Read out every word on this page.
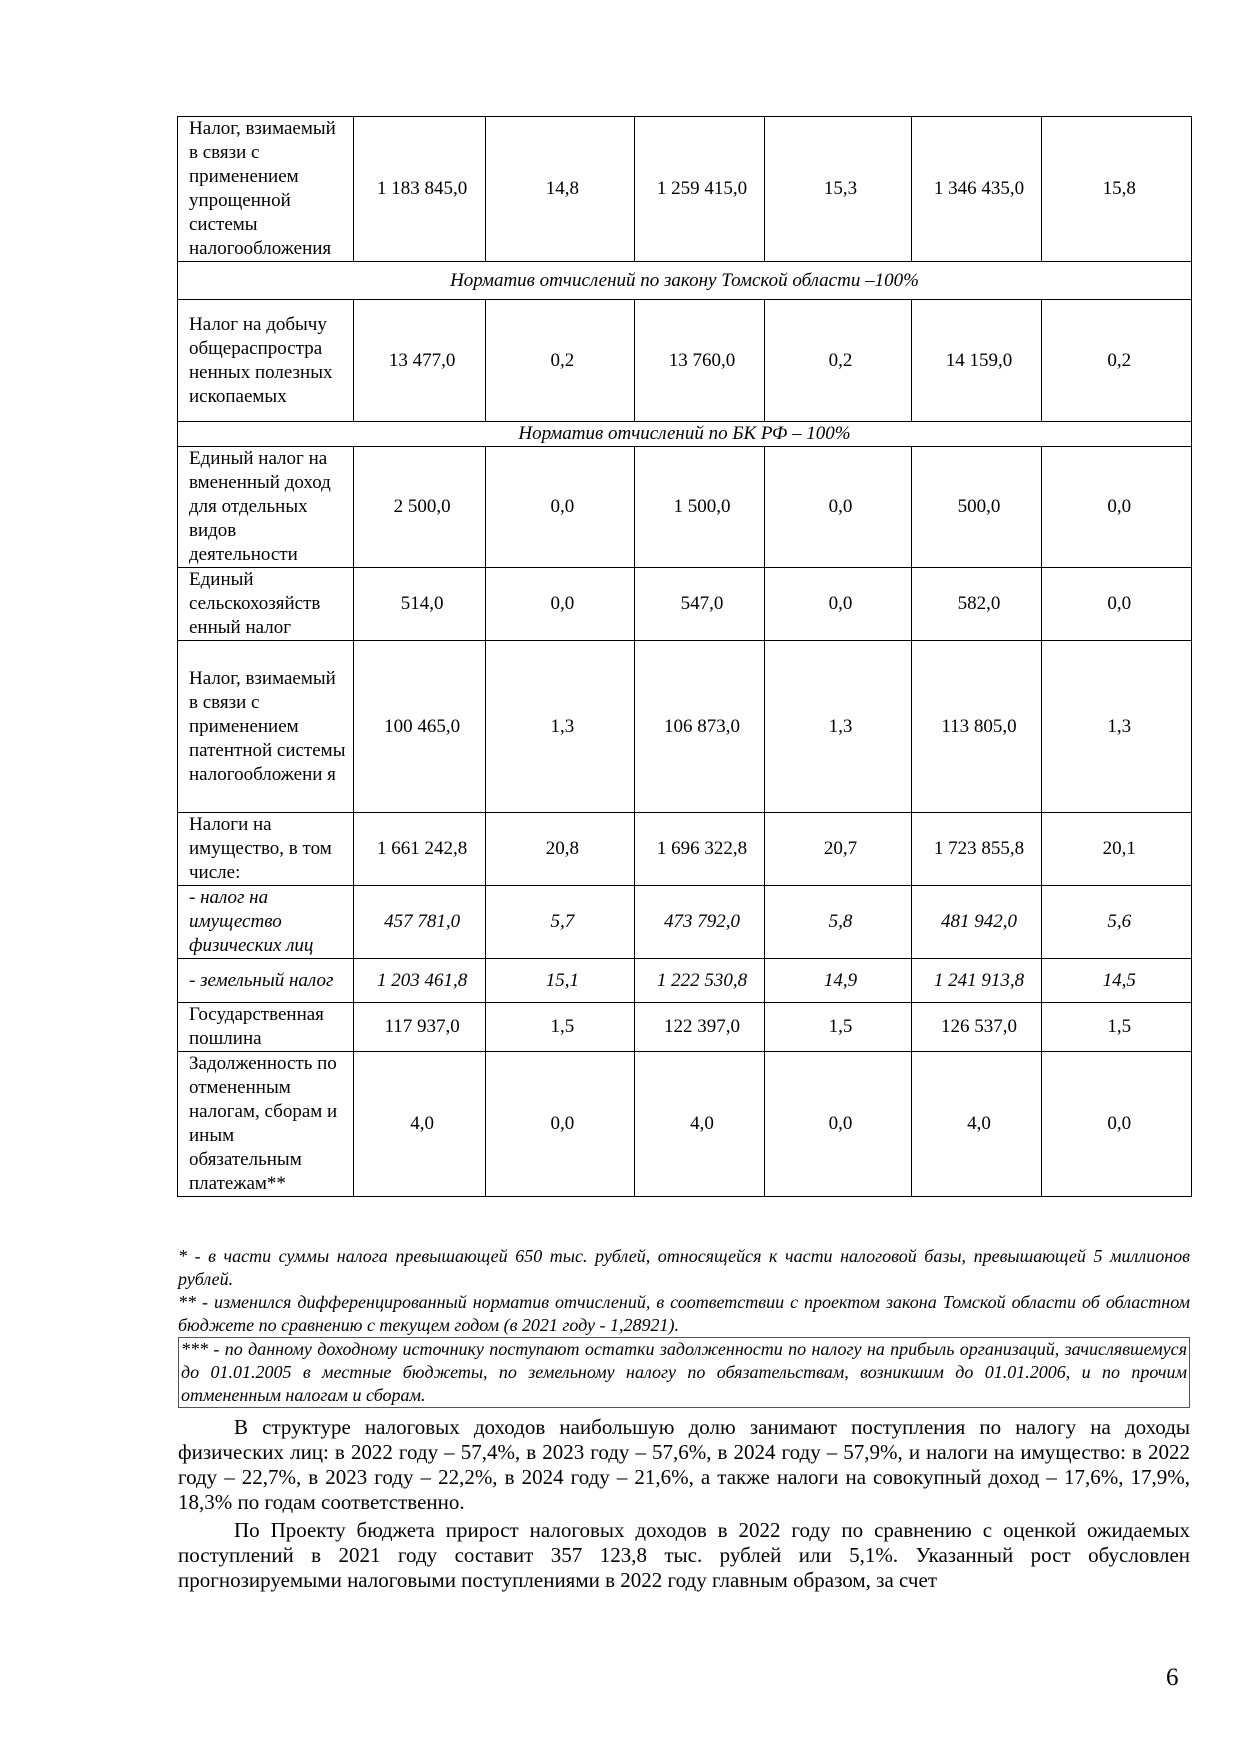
Налог, взимаемый в связи с применением упрощенной системы налогообложения	1 183 845,0	14,8	1 259 415,0	15,3	1 346 435,0	15,8
Норматив отчислений по закону Томской области –100%						
Налог на добычу общераспростра ненных полезных ископаемых	13 477,0	0,2	13 760,0	0,2	14 159,0	0,2
Норматив отчислений по БК РФ – 100%						
Единый налог на вмененный доход для отдельных видов деятельности	2 500,0	0,0	1 500,0	0,0	500,0	0,0
Единый сельскохозяйств енный налог	514,0	0,0	547,0	0,0	582,0	0,0
Налог, взимаемый в связи с применением патентной системы налогообложени я	100 465,0	1,3	106 873,0	1,3	113 805,0	1,3
Налоги на имущество, в том числе:	1 661 242,8	20,8	1 696 322,8	20,7	1 723 855,8	20,1
- налог на имущество физических лиц	457 781,0	5,7	473 792,0	5,8	481 942,0	5,6
- земельный налог	1 203 461,8	15,1	1 222 530,8	14,9	1 241 913,8	14,5
Государственная пошлина	117 937,0	1,5	122 397,0	1,5	126 537,0	1,5
Задолженность по отмененным налогам, сборам и иным обязательным платежам**	4,0	0,0	4,0	0,0	4,0	0,0

* - в части суммы налога превышающей 650 тыс. рублей, относящейся к части налоговой базы, превышающей 5 миллионов рублей.

** - изменился дифференцированный норматив отчислений, в соответствии с проектом закона Томской области об областном бюджете по сравнению с текущем годом (в 2021 году - 1,28921).

*** - по данному доходному источнику поступают остатки задолженности по налогу на прибыль организаций, зачислявшемуся до 01.01.2005 в местные бюджеты, по земельному налогу по обязательствам, возникшим до 01.01.2006, и по прочим отмененным налогам и сборам.

В структуре налоговых доходов наибольшую долю занимают поступления по налогу на доходы физических лиц: в 2022 году – 57,4%, в 2023 году – 57,6%, в 2024 году – 57,9%, и налоги на имущество: в 2022 году – 22,7%, в 2023 году – 22,2%, в 2024 году – 21,6%, а также налоги на совокупный доход – 17,6%, 17,9%, 18,3% по годам соответственно.

По Проекту бюджета прирост налоговых доходов в 2022 году по сравнению с оценкой ожидаемых поступлений в 2021 году составит 357 123,8 тыс. рублей или 5,1%. Указанный рост обусловлен прогнозируемыми налоговыми поступлениями в 2022 году главным образом, за счет

6
